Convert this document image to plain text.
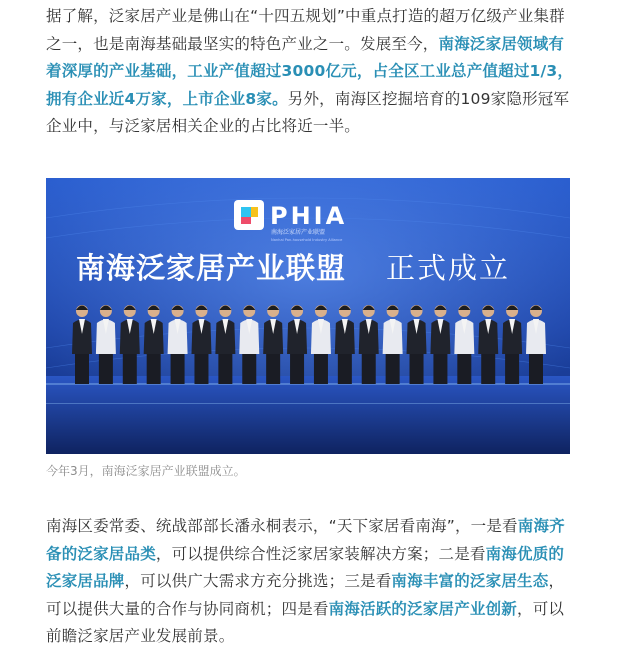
据了解，泛家居产业是佛山在“十四五规划”中重点打造的超万亿级产业集群之一，也是南海基础最坚实的特色产业之一。发展至今，南海泛家居领域有着深厚的产业基础，工业产值超过3000亿元，占全区工业总产值超过1/3，拥有企业近4万家，上市企业8家。另外，南海区挖掘培育的109家隐形冠军企业中，与泛家居相关企业的占比将近一半。

PHIA
南海泛家居产业联盟
Nanhai Pan-household Industry Alliance
南海泛家居产业联盟 正式成立
今年3月，南海泛家居产业联盟成立。

南海区委常委、统战部部长潘永桐表示，“天下家居看南海”，一是看南海齐备的泛家居品类，可以提供综合性泛家居家装解决方案；二是看南海优质的泛家居品牌，可以供广大需求方充分挑选；三是看南海丰富的泛家居生态，可以提供大量的合作与协同商机；四是看南海活跃的泛家居产业创新，可以前瞻泛家居产业发展前景。
